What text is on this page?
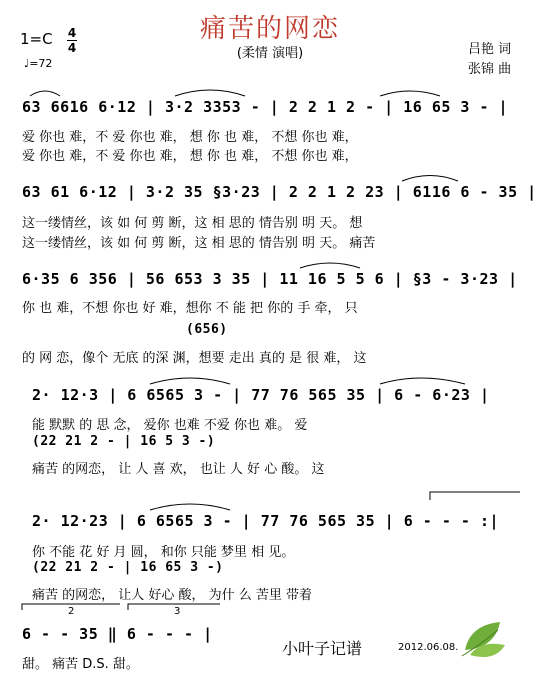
痛苦的网恋
(柔情 演唱)	吕艳 词
张锦 曲
1=C 4
4
♩=72
63 6616 6·12 | 3·2 3353 - | 2 2 1 2 - | 16 65 3 - |
爱 你也 难，不 爱 你也 难， 想 你 也 难， 不想 你也 难，
爱 你也 难，不 爱 你也 难， 想 你 也 难， 不想 你也 难，
63 61 6·12 | 3·2 35 §3·23 | 2 2 1 2 23 | 6116 6 - 35 |
这一缕情丝，该 如 何 剪 断，这 相 思的 情告别 明 天。 想
这一缕情丝，该 如 何 剪 断，这 相 思的 情告别 明 天。 痛苦
6·35 6 356 | 56 653 3 35 | 11 16 5 5 6 | §3 - 3·23 |
你 也 难，不想 你也 好 难，想你 不 能 把 你的 手 牵， 只
(656)
的 网 恋，像个 无底 的深 渊，想要 走出 真的 是 很 难， 这
2· 12·3 | 6 6565 3 - | 77 76 565 35 | 6 - 6·23 |
能 默默 的 思 念， 爱你 也难 不爱 你也 难。 爱
(22 21 2 - | 16 5 3 -)
痛苦 的网恋， 让 人 喜 欢， 也让 人 好 心 酸。 这
2· 12·23 | 6 6565 3 - | 77 76 565 35 | 6 - - - :|
你 不能 花 好 月 圆， 和你 只能 梦里 相 见。
(22 21 2 - | 16 65 3 -)
痛苦 的网恋， 让人 好心 酸， 为什 么 苦里 带着
2	3
6 - - 35 ‖ 6 - - - |
甜。 痛苦 D.S. 甜。
小叶子记谱	2012.06.08.
